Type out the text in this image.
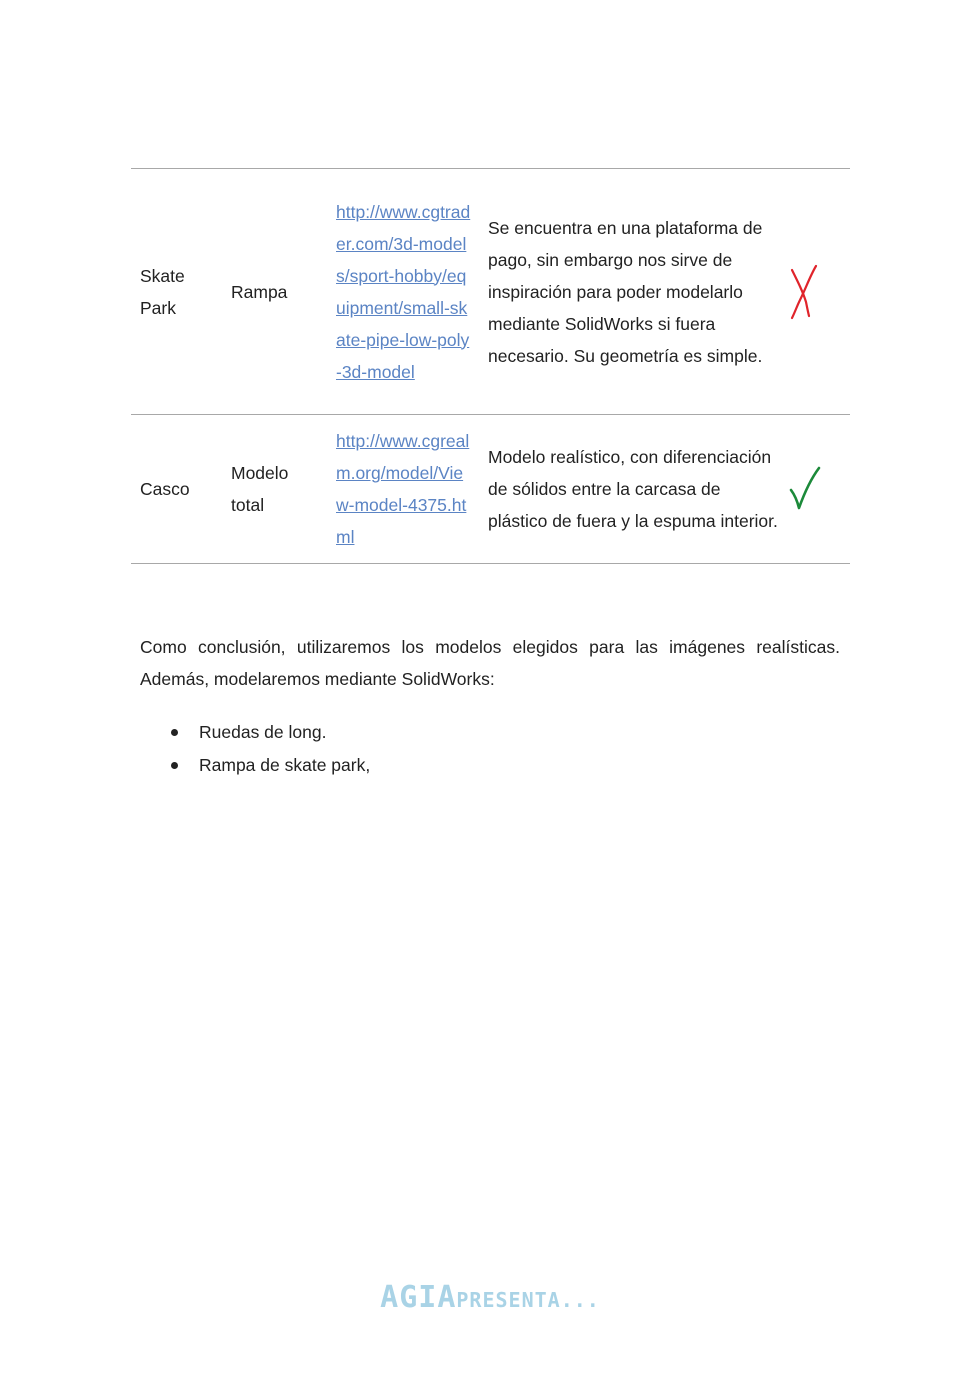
Skate Park	Rampa	http://www.cgtrader.com/3d-models/sport-hobby/equipment/small-skate-pipe-low-poly-3d-model	Se encuentra en una plataforma de pago, sin embargo nos sirve de inspiración para poder modelarlo mediante SolidWorks si fuera necesario. Su geometría es simple.

Casco	Modelo total	http://www.cgrealm.org/model/View-model-4375.html	Modelo realístico, con diferenciación de sólidos entre la carcasa de plástico de fuera y la espuma interior.

Como conclusión, utilizaremos los modelos elegidos para las imágenes realísticas.
Además, modelaremos mediante SolidWorks:
Ruedas de long.
Rampa de skate park,
AGIAPRESENTA...
